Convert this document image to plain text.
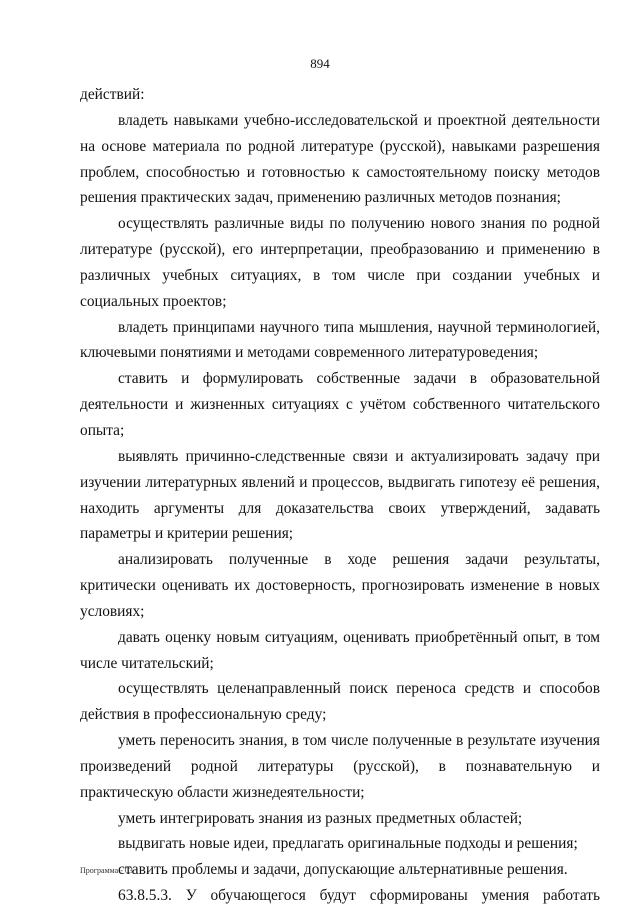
894

действий:

владеть навыками учебно-исследовательской и проектной деятельности на основе материала по родной литературе (русской), навыками разрешения проблем, способностью и готовностью к самостоятельному поиску методов решения практических задач, применению различных методов познания;

осуществлять различные виды по получению нового знания по родной литературе (русской), его интерпретации, преобразованию и применению в различных учебных ситуациях, в том числе при создании учебных и социальных проектов;

владеть принципами научного типа мышления, научной терминологией, ключевыми понятиями и методами современного литературоведения;

ставить и формулировать собственные задачи в образовательной деятельности и жизненных ситуациях с учётом собственного читательского опыта;

выявлять причинно-следственные связи и актуализировать задачу при изучении литературных явлений и процессов, выдвигать гипотезу её решения, находить аргументы для доказательства своих утверждений, задавать параметры и критерии решения;

анализировать полученные в ходе решения задачи результаты, критически оценивать их достоверность, прогнозировать изменение в новых условиях;

давать оценку новым ситуациям, оценивать приобретённый опыт, в том числе читательский;

осуществлять целенаправленный поиск переноса средств и способов действия в профессиональную среду;

уметь переносить знания, в том числе полученные в результате изучения произведений родной литературы (русской), в познавательную и практическую области жизнедеятельности;

уметь интегрировать знания из разных предметных областей;

выдвигать новые идеи, предлагать оригинальные подходы и решения;

ставить проблемы и задачи, допускающие альтернативные решения.

63.8.5.3. У обучающегося будут сформированы умения работать

Программа - 03
